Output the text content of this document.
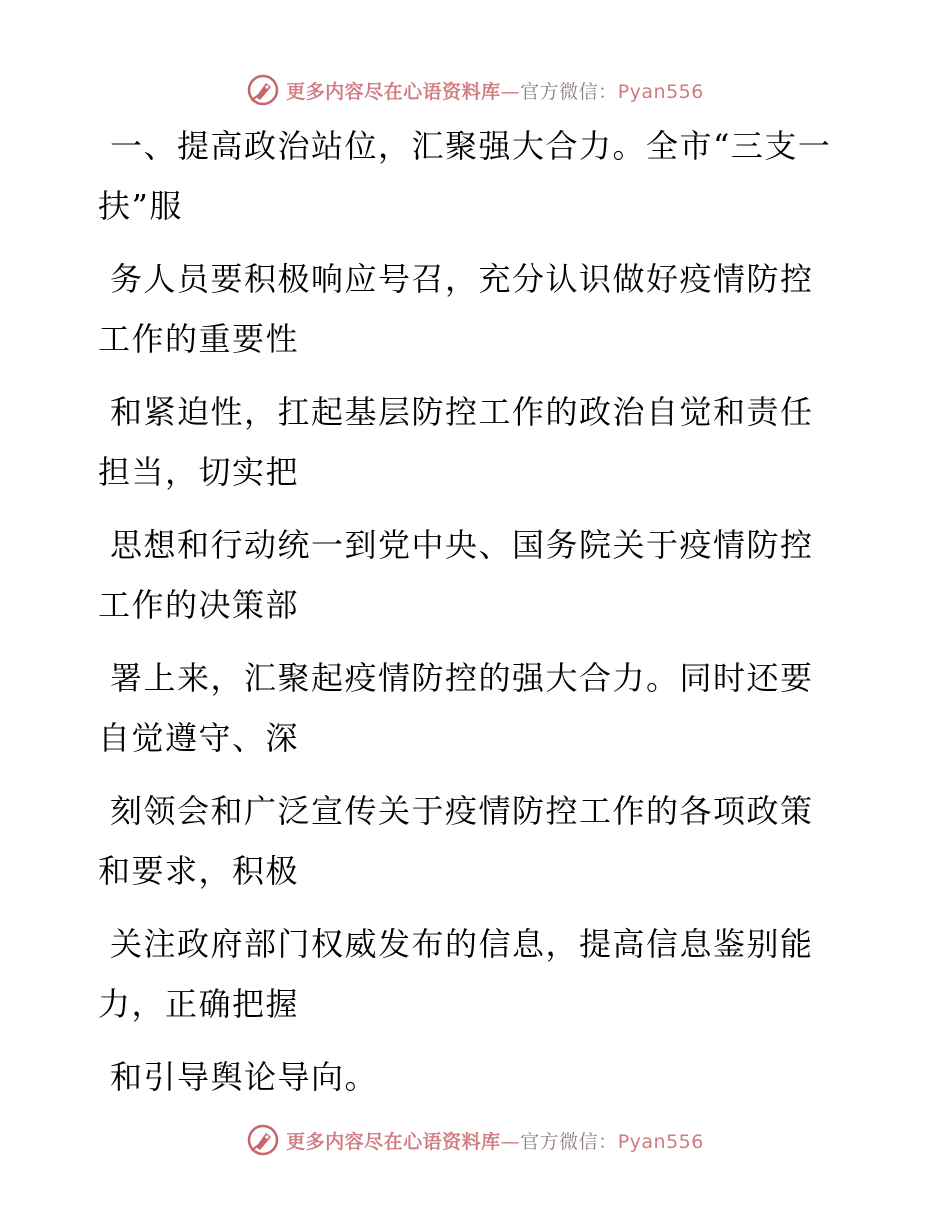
更多内容尽在心语资料库—官方微信：Pyan556

一、提高政治站位，汇聚强大合力。全市“三支一扶”服

务人员要积极响应号召，充分认识做好疫情防控工作的重要性

和紧迫性，扛起基层防控工作的政治自觉和责任担当，切实把

思想和行动统一到党中央、国务院关于疫情防控工作的决策部

署上来，汇聚起疫情防控的强大合力。同时还要自觉遵守、深

刻领会和广泛宣传关于疫情防控工作的各项政策和要求，积极

关注政府部门权威发布的信息，提高信息鉴别能力，正确把握

和引导舆论导向。

更多内容尽在心语资料库—官方微信：Pyan556
